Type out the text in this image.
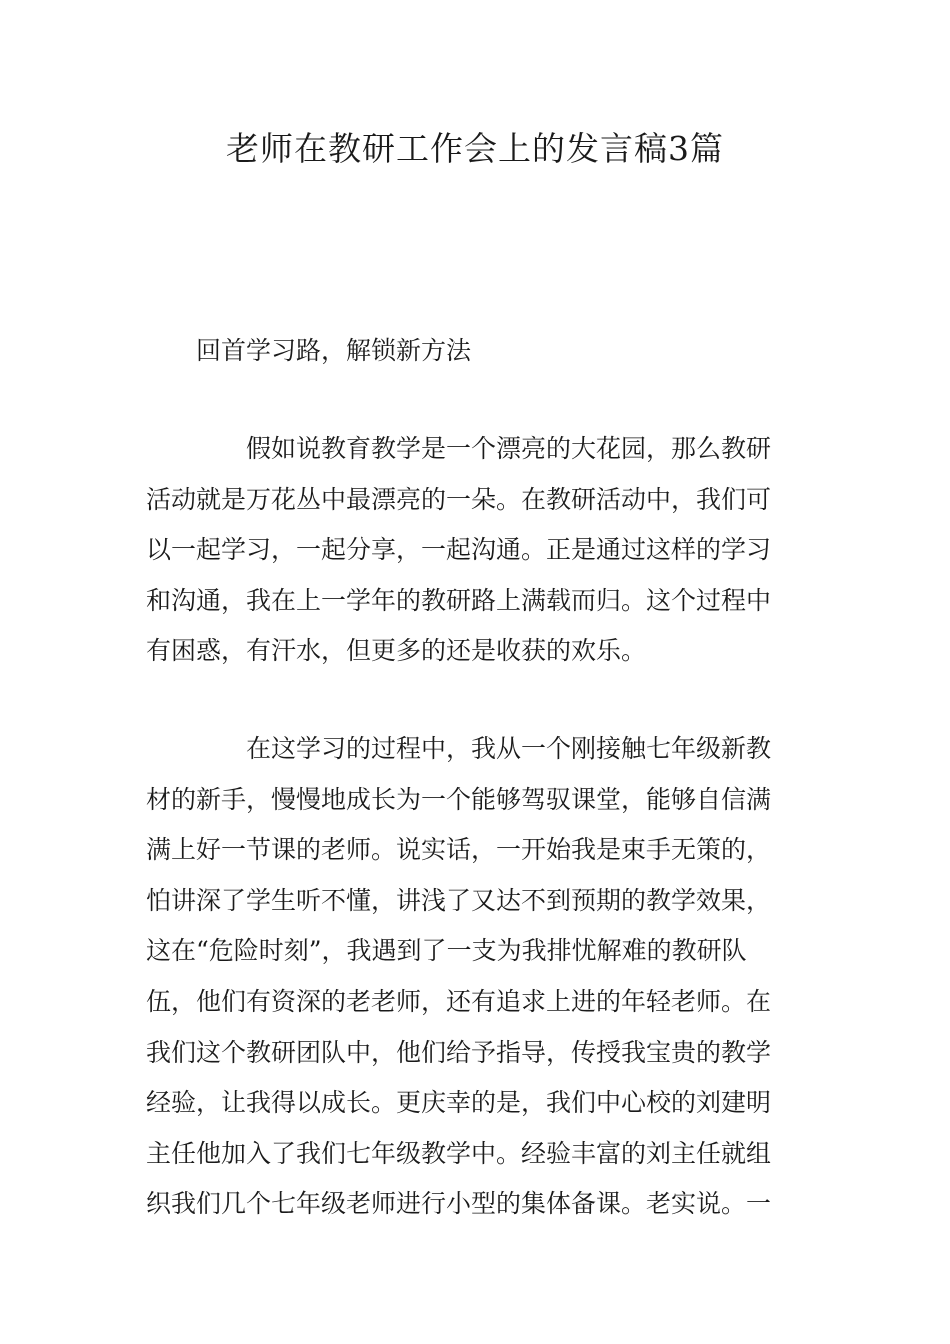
老师在教研工作会上的发言稿3篇
回首学习路，解锁新方法
假如说教育教学是一个漂亮的大花园，那么教研
活动就是万花丛中最漂亮的一朵。在教研活动中，我们可
以一起学习，一起分享，一起沟通。正是通过这样的学习
和沟通，我在上一学年的教研路上满载而归。这个过程中
有困惑，有汗水，但更多的还是收获的欢乐。
在这学习的过程中，我从一个刚接触七年级新教
材的新手，慢慢地成长为一个能够驾驭课堂，能够自信满
满上好一节课的老师。说实话，一开始我是束手无策的，
怕讲深了学生听不懂，讲浅了又达不到预期的教学效果，
这在“危险时刻”，我遇到了一支为我排忧解难的教研队
伍，他们有资深的老老师，还有追求上进的年轻老师。在
我们这个教研团队中，他们给予指导，传授我宝贵的教学
经验，让我得以成长。更庆幸的是，我们中心校的刘建明
主任他加入了我们七年级教学中。经验丰富的刘主任就组
织我们几个七年级老师进行小型的集体备课。老实说。一
